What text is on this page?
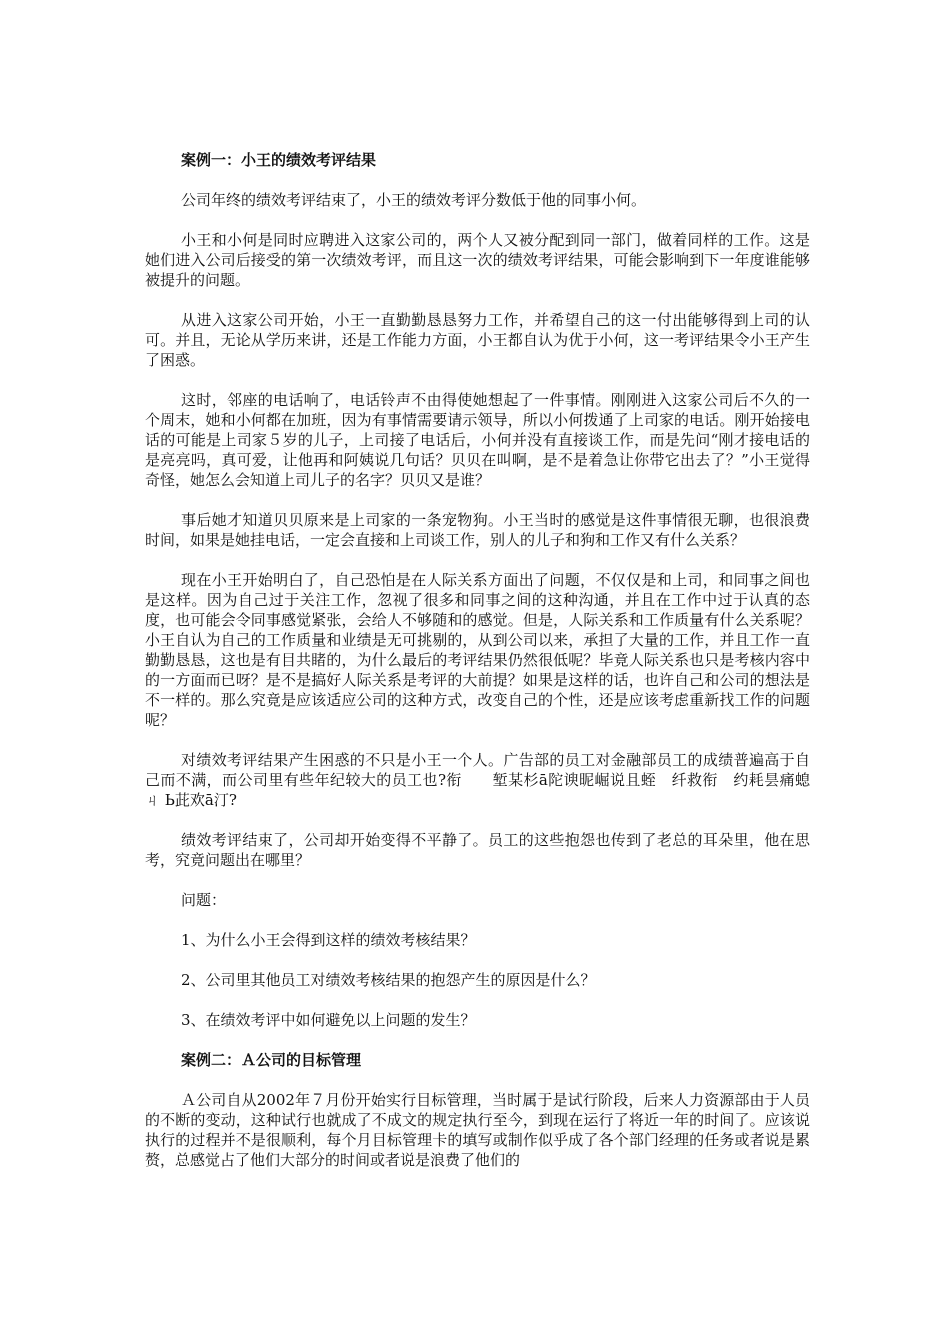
案例一：小王的绩效考评结果

公司年终的绩效考评结束了，小王的绩效考评分数低于他的同事小何。

小王和小何是同时应聘进入这家公司的，两个人又被分配到同一部门，做着同样的工作。这是她们进入公司后接受的第一次绩效考评，而且这一次的绩效考评结果，可能会影响到下一年度谁能够被提升的问题。

从进入这家公司开始，小王一直勤勤恳恳努力工作，并希望自己的这一付出能够得到上司的认可。并且，无论从学历来讲，还是工作能力方面，小王都自认为优于小何，这一考评结果令小王产生了困惑。

这时，邻座的电话响了，电话铃声不由得使她想起了一件事情。刚刚进入这家公司后不久的一个周末，她和小何都在加班，因为有事情需要请示领导，所以小何拨通了上司家的电话。刚开始接电话的可能是上司家５岁的儿子，上司接了电话后，小何并没有直接谈工作，而是先问“刚才接电话的是亮亮吗，真可爱，让他再和阿姨说几句话？贝贝在叫啊，是不是着急让你带它出去了？”小王觉得奇怪，她怎么会知道上司儿子的名字？贝贝又是谁？

事后她才知道贝贝原来是上司家的一条宠物狗。小王当时的感觉是这件事情很无聊，也很浪费时间，如果是她挂电话，一定会直接和上司谈工作，别人的儿子和狗和工作又有什么关系？

现在小王开始明白了，自己恐怕是在人际关系方面出了问题，不仅仅是和上司，和同事之间也是这样。因为自己过于关注工作，忽视了很多和同事之间的这种沟通，并且在工作中过于认真的态度，也可能会令同事感觉紧张，会给人不够随和的感觉。但是，人际关系和工作质量有什么关系呢？小王自认为自己的工作质量和业绩是无可挑剔的，从到公司以来，承担了大量的工作，并且工作一直勤勤恳恳，这也是有目共睹的，为什么最后的考评结果仍然很低呢？毕竟人际关系也只是考核内容中的一方面而已呀？是不是搞好人际关系是考评的大前提？如果是这样的话，也许自己和公司的想法是不一样的。那么究竟是应该适应公司的这种方式，改变自己的个性，还是应该考虑重新找工作的问题呢？

对绩效考评结果产生困惑的不只是小王一个人。广告部的员工对金融部员工的成绩普遍高于自己而不满，而公司里有些年纪较大的员工也?衔　　堑某杉ā陀谀昵崛说且蛭　纤救衔　约耗昙痛螅　ㄐ Ь茈欢ā汀?

绩效考评结束了，公司却开始变得不平静了。员工的这些抱怨也传到了老总的耳朵里，他在思考，究竟问题出在哪里？

问题：

1、为什么小王会得到这样的绩效考核结果？

2、公司里其他员工对绩效考核结果的抱怨产生的原因是什么？

3、在绩效考评中如何避免以上问题的发生？

案例二：Ａ公司的目标管理

Ａ公司自从2002年７月份开始实行目标管理，当时属于是试行阶段，后来人力资源部由于人员的不断的变动，这种试行也就成了不成文的规定执行至今，到现在运行了将近一年的时间了。应该说执行的过程并不是很顺利，每个月目标管理卡的填写或制作似乎成了各个部门经理的任务或者说是累赘，总感觉占了他们大部分的时间或者说是浪费了他们的
